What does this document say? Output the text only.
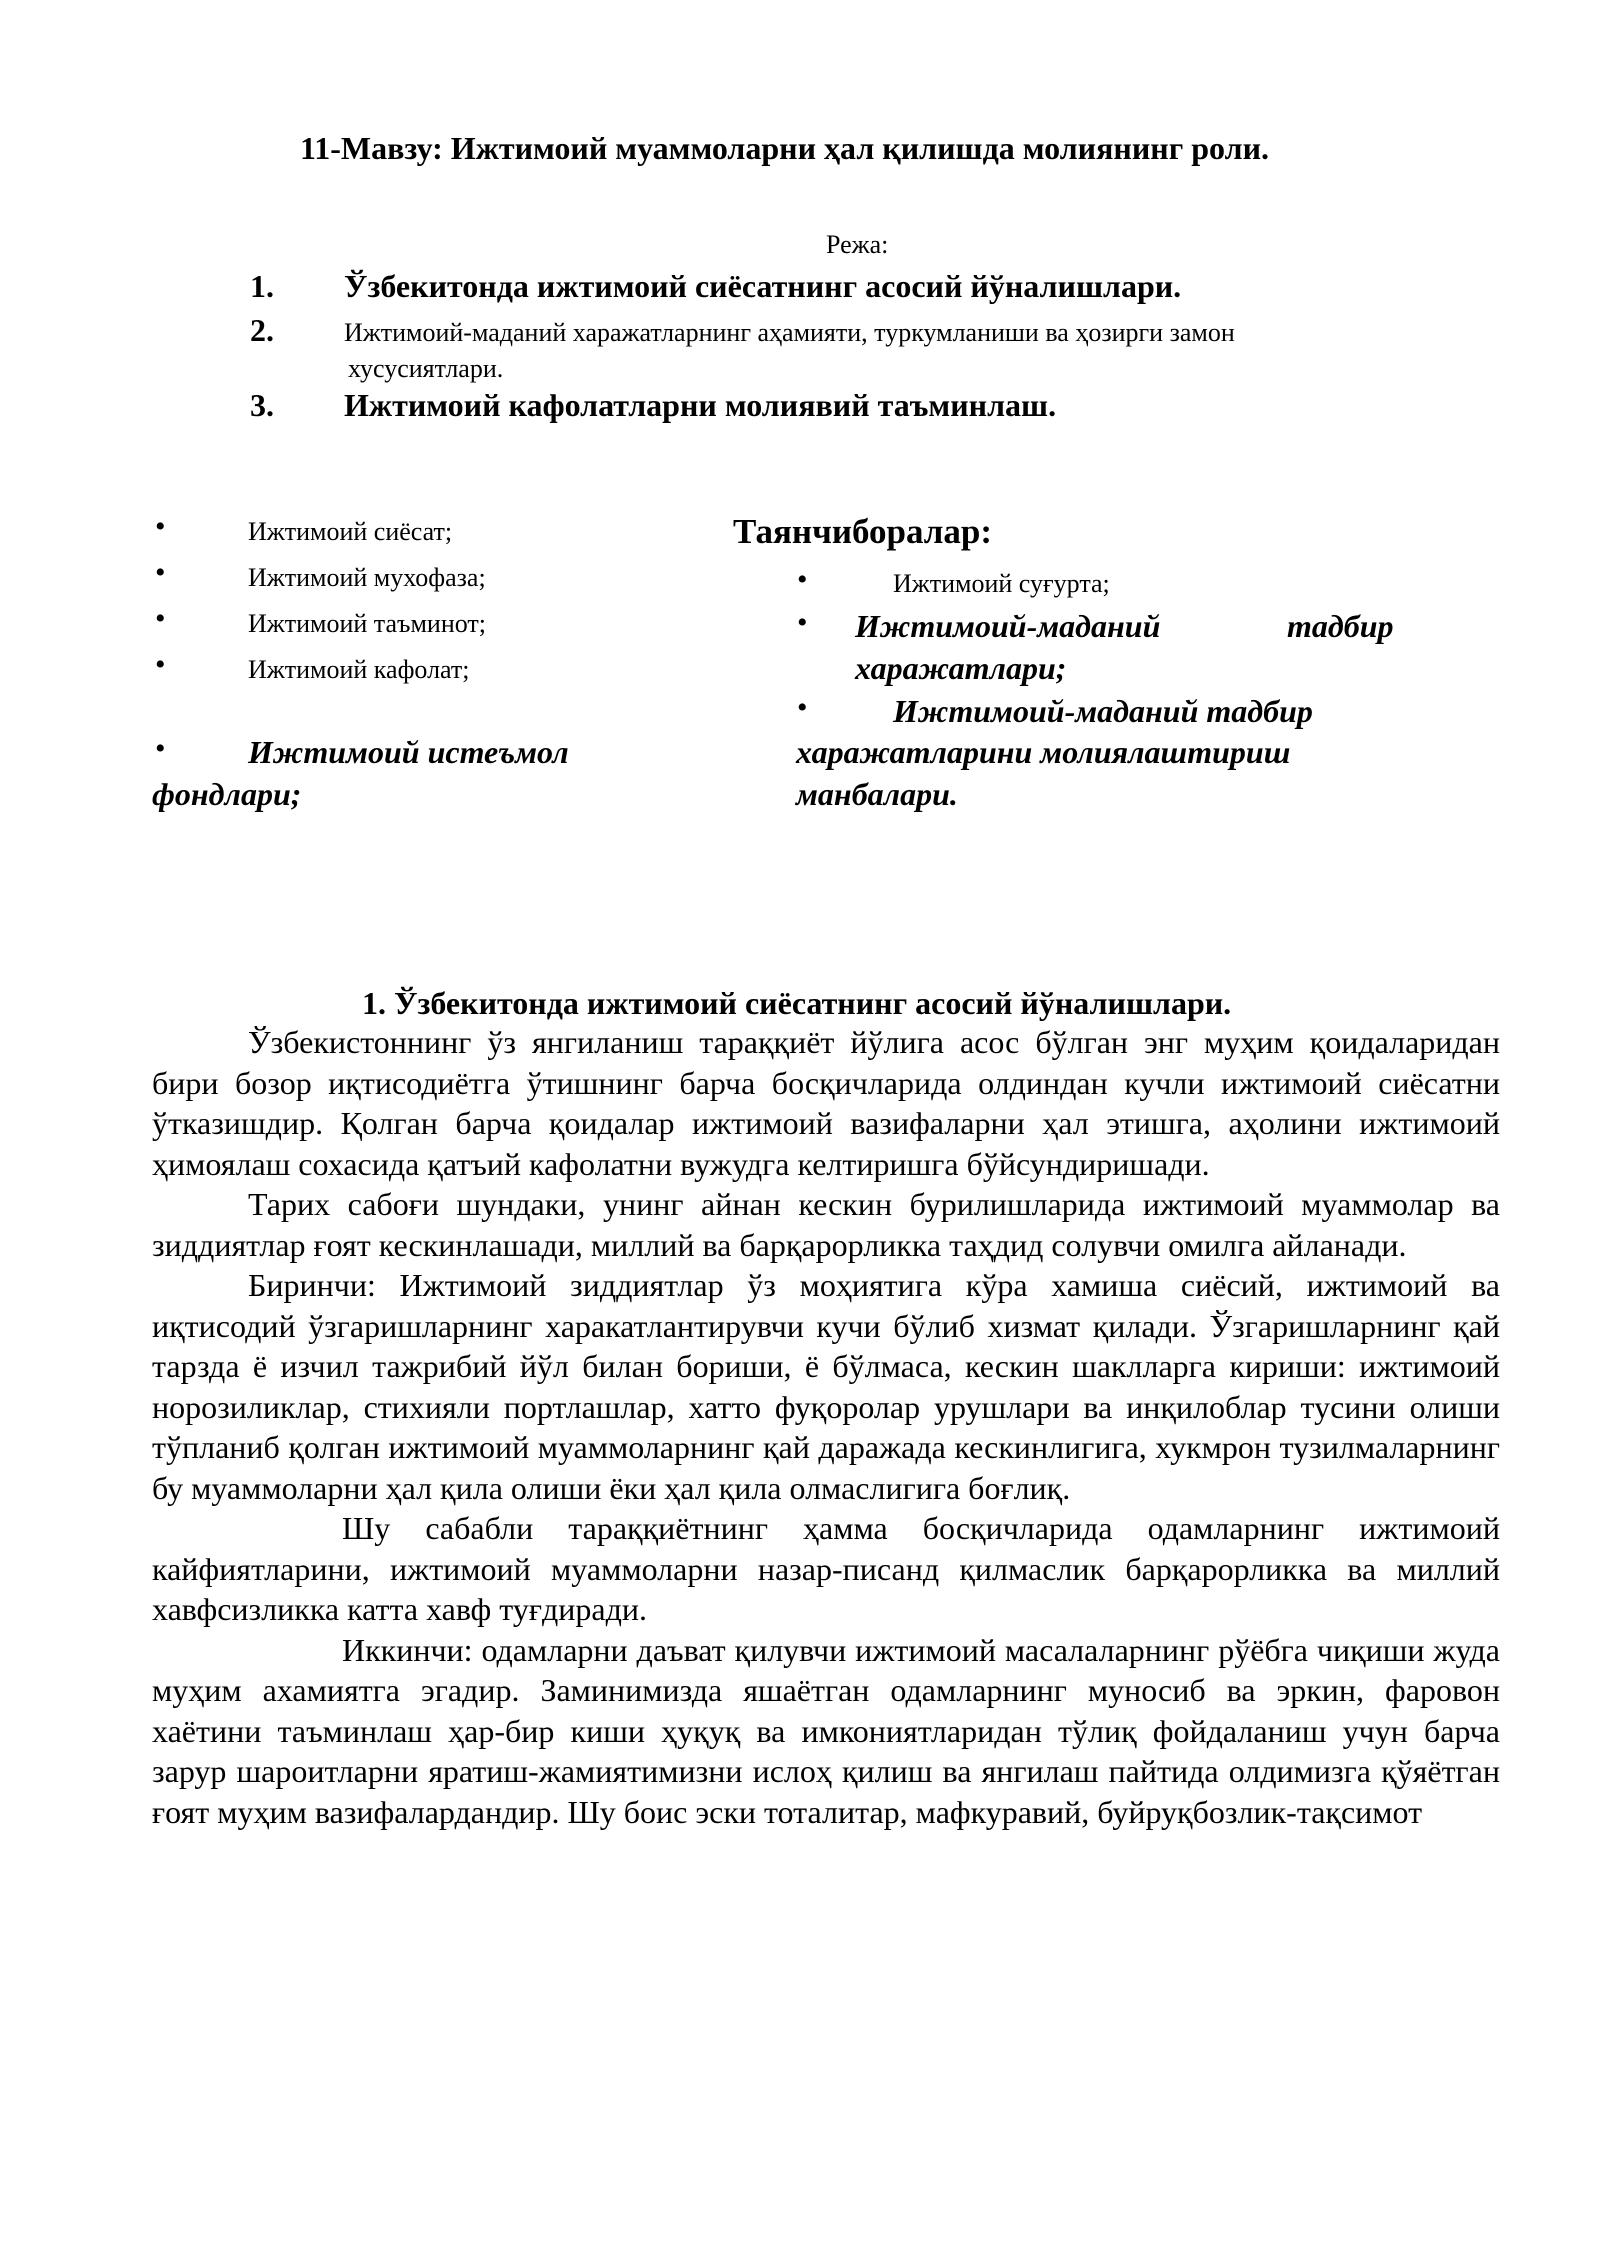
11-Мавзу: Ижтимоий муаммоларни ҳал қилишда молиянинг роли.
Режа:
1. Ўзбекитонда ижтимоий сиёсатнинг асосий йўналишлари.
2.	Ижтимоий-маданий харажатларнинг аҳамияти, туркумланиши ва ҳозирги замон
хусусиятлари.
3. Ижтимоий кафолатларни молиявий таъминлаш.
Таянчиборалар:
•	Ижтимоий сиёсат;
•	Ижтимоий мухофаза;
•	Ижтимоий таъминот;
•	Ижтимоий кафолат;
•	Ижтимоий истеъмол
фондлари;
•	Ижтимоий суғурта;
• Ижтимоий-маданий	тадбир
харажатлари;
•	Ижтимоий-маданий тадбир
харажатларини молиялаштириш
манбалари.
1. Ўзбекитонда ижтимоий сиёсатнинг асосий йўналишлари.

Ўзбекистоннинг ўз янгиланиш тараққиёт йўлига асос бўлган энг муҳим қоидаларидан бири бозор иқтисодиётга ўтишнинг барча босқичларида олдиндан кучли ижтимоий сиёсатни ўтказишдир. Қолган барча қоидалар ижтимоий вазифаларни ҳал этишга, аҳолини ижтимоий ҳимоялаш сохасида қатъий кафолатни вужудга келтиришга бўйсундиришади.

Тарих сабоғи шундаки, унинг айнан кескин бурилишларида ижтимоий муаммолар ва зиддиятлар ғоят кескинлашади, миллий ва барқарорликка таҳдид солувчи омилга айланади.

Биринчи: Ижтимоий зиддиятлар ўз моҳиятига кўра хамиша сиёсий, ижтимоий ва иқтисодий ўзгаришларнинг харакатлантирувчи кучи бўлиб хизмат қилади. Ўзгаришларнинг қай тарзда ё изчил тажрибий йўл билан бориши, ё бўлмаса, кескин шаклларга кириши: ижтимоий норозиликлар, стихияли портлашлар, хатто фуқоролар урушлари ва инқилоблар тусини олиши тўпланиб қолган ижтимоий муаммоларнинг қай даражада кескинлигига, хукмрон тузилмаларнинг бу муаммоларни ҳал қила олиши ёки ҳал қила олмаслигига боғлиқ.

Шу сабабли тараққиётнинг ҳамма босқичларида одамларнинг ижтимоий кайфиятларини, ижтимоий муаммоларни назар-писанд қилмаслик барқарорликка ва миллий хавфсизликка катта хавф туғдиради.

Иккинчи: одамларни даъват қилувчи ижтимоий масалаларнинг рўёбга чиқиши жуда муҳим ахамиятга эгадир. Заминимизда яшаётган одамларнинг муносиб ва эркин, фаровон хаётини таъминлаш ҳар-бир киши ҳуқуқ ва имкониятларидан тўлиқ фойдаланиш учун барча зарур шароитларни яратиш-жамиятимизни ислоҳ қилиш ва янгилаш пайтида олдимизга қўяётган ғоят муҳим вазифалардандир. Шу боис эски тоталитар, мафкуравий, буйруқбозлик-тақсимот
